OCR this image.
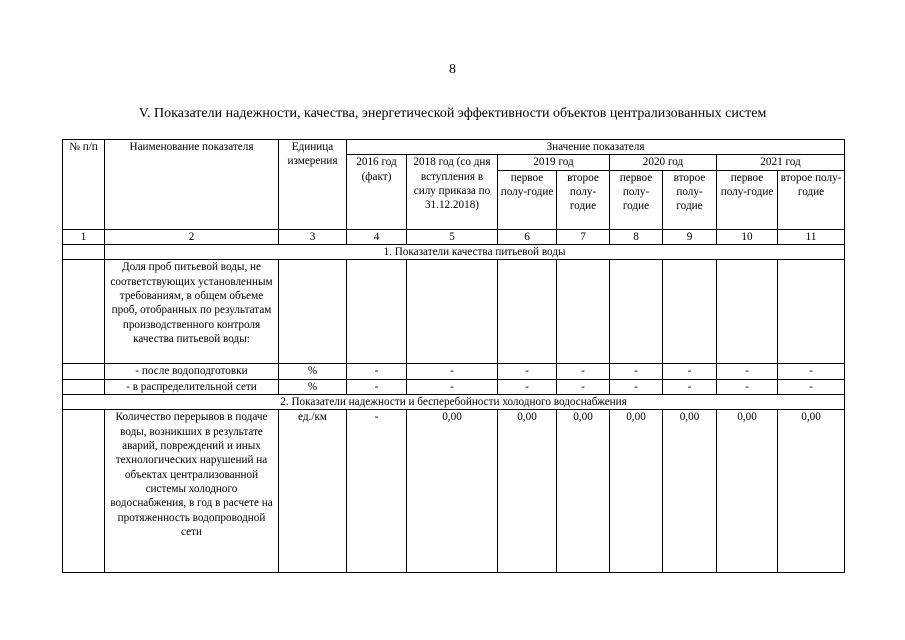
8
V. Показатели надежности, качества, энергетической эффективности объектов централизованных систем
№ п/п	Наименование показателя	Единица измерения	Значение показателя							
			2016 год (факт)	2018 год (со дня вступления в силу приказа по 31.12.2018)	2019 год		2020 год		2021 год	
					первое полу-годие	второе полу-годие	первое полу-годие	второе полу-годие	первое полу-годие	второе полу-годие
1	2	3	4	5	6	7	8	9	10	11
	1. Показатели качества питьевой воды									
	Доля проб питьевой воды, не соответствующих установленным требованиям, в общем объеме проб, отобранных по результатам производственного контроля качества питьевой воды:									
	- после водоподготовки	%	-	-	-	-	-	-	-	-
	- в распределительной сети	%	-	-	-	-	-	-	-	-
2. Показатели надежности и бесперебойности холодного водоснабжения										
	Количество перерывов в подаче воды, возникших в результате аварий, повреждений и иных технологических нарушений на объектах централизованной системы холодного водоснабжения, в год в расчете на протяженность водопроводной сети	ед./км	-	0,00	0,00	0,00	0,00	0,00	0,00	0,00
